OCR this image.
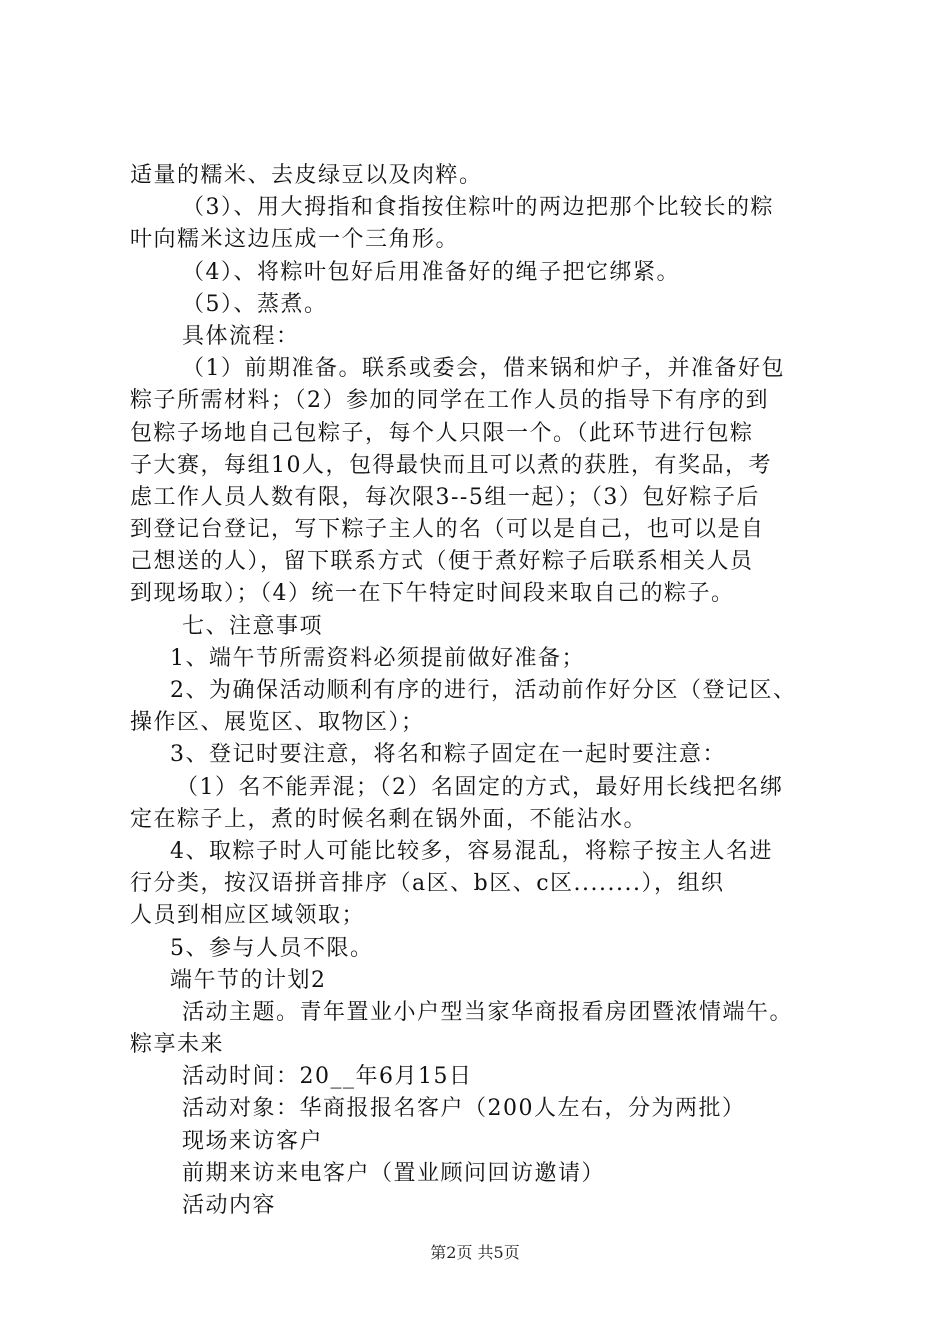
适量的糯米、去皮绿豆以及肉粹。
（3）、用大拇指和食指按住粽叶的两边把那个比较长的粽
叶向糯米这边压成一个三角形。
（4）、将粽叶包好后用准备好的绳子把它绑紧。
（5）、蒸煮。
具体流程：
（1）前期准备。联系或委会，借来锅和炉子，并准备好包
粽子所需材料；（2）参加的同学在工作人员的指导下有序的到
包粽子场地自己包粽子，每个人只限一个。（此环节进行包粽
子大赛，每组10人，包得最快而且可以煮的获胜，有奖品，考
虑工作人员人数有限，每次限3--5组一起）；（3）包好粽子后
到登记台登记，写下粽子主人的名（可以是自己，也可以是自
己想送的人），留下联系方式（便于煮好粽子后联系相关人员
到现场取）；（4）统一在下午特定时间段来取自己的粽子。
七、注意事项
1、端午节所需资料必须提前做好准备；
2、为确保活动顺利有序的进行，活动前作好分区（登记区、
操作区、展览区、取物区）；
3、登记时要注意，将名和粽子固定在一起时要注意：
（1）名不能弄混；（2）名固定的方式，最好用长线把名绑
定在粽子上，煮的时候名剩在锅外面，不能沾水。
4、取粽子时人可能比较多，容易混乱，将粽子按主人名进
行分类，按汉语拼音排序（a区、b区、c区........），组织
人员到相应区域领取；
5、参与人员不限。
端午节的计划2
活动主题。青年置业小户型当家华商报看房团暨浓情端午。
粽享未来
活动时间：20__年6月15日
活动对象：华商报报名客户（200人左右，分为两批）
现场来访客户
前期来访来电客户（置业顾问回访邀请）
活动内容
第2页 共5页
